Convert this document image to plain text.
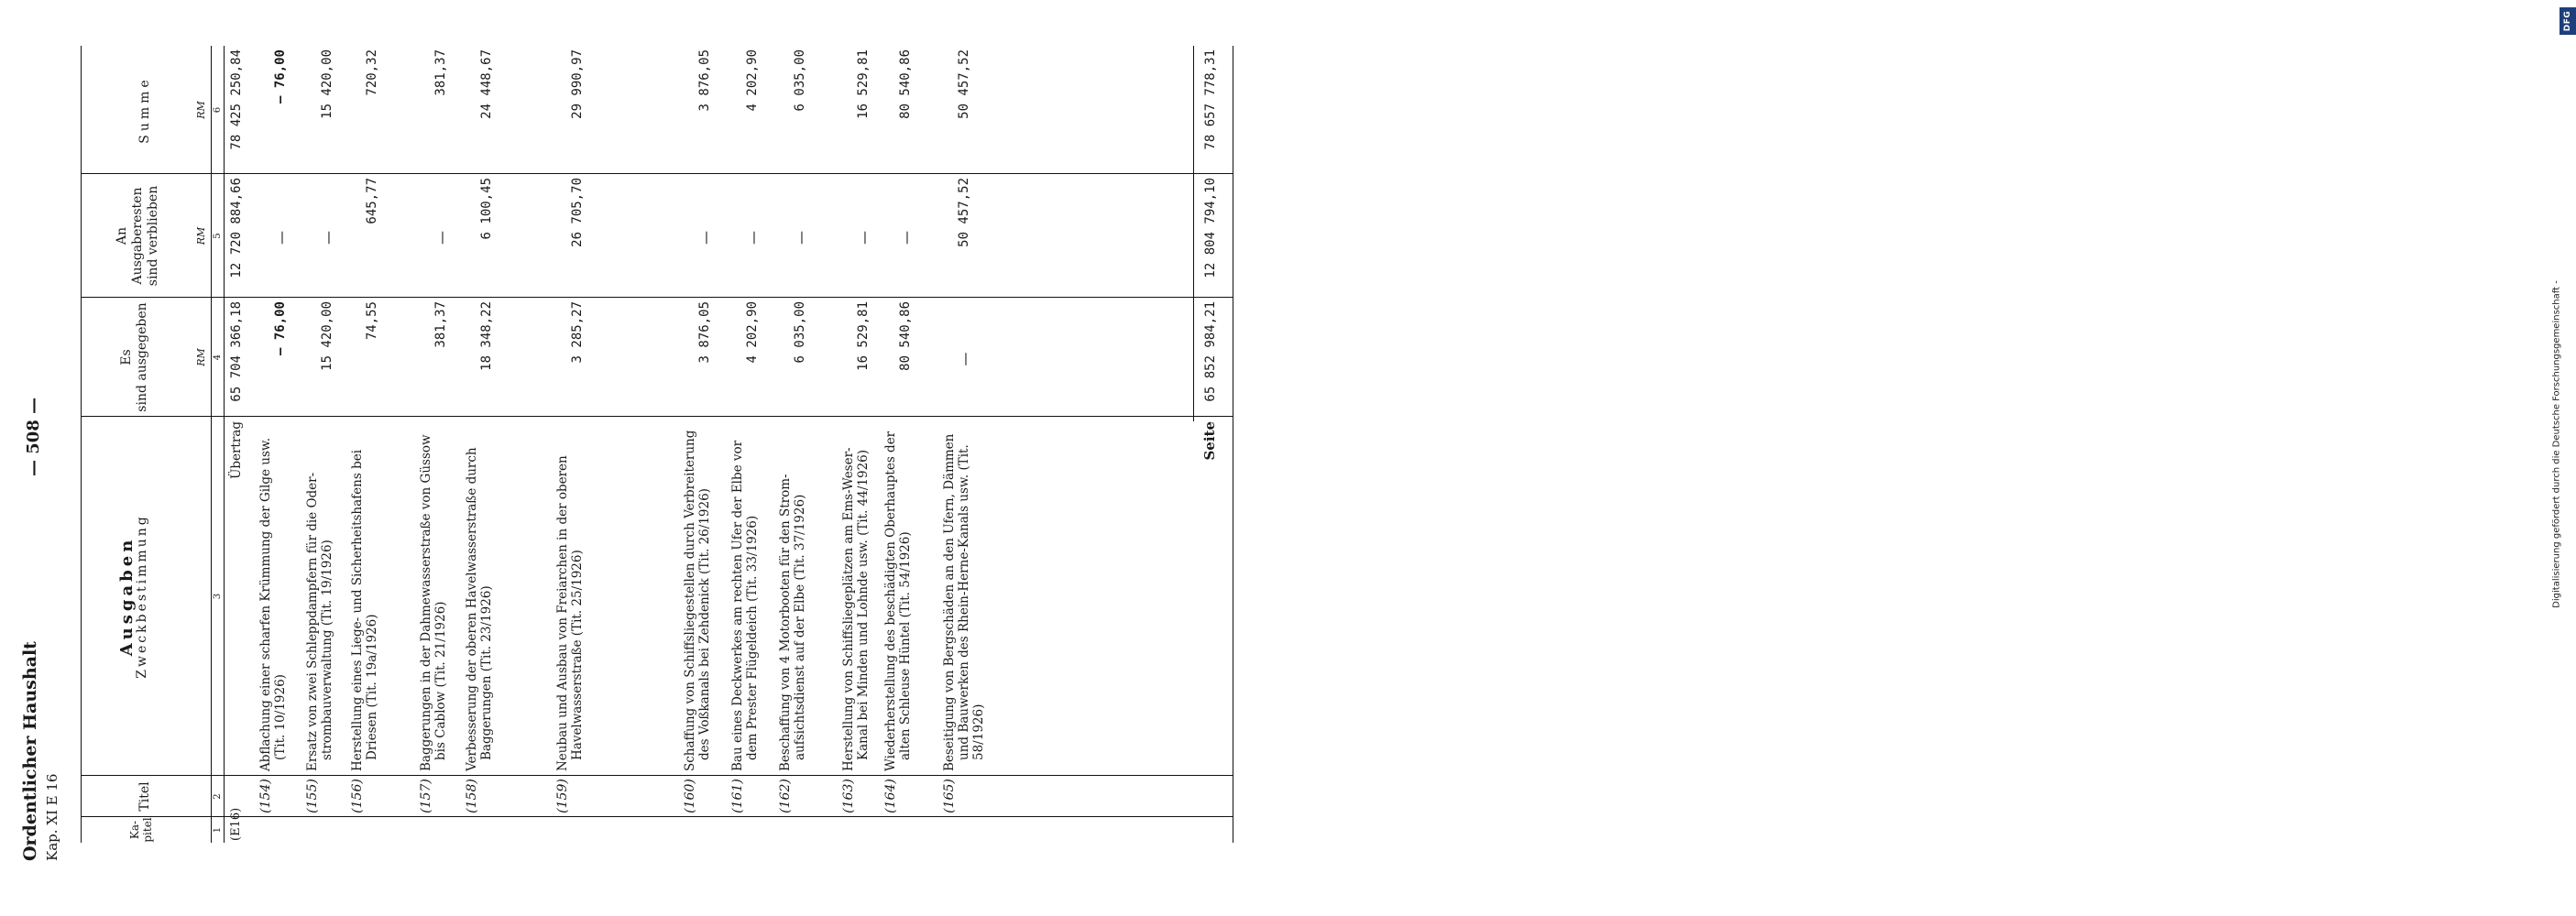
DFG
Digitalisierung gefördert durch die Deutsche Forschungsgemeinschaft -
Ordentlicher Haushalt Kap. XI E 16
— 508 —
Ka- pitel
Titel
Ausgaben
Zweckbestimmung
Es sind ausgegeben
An Ausgaberesten sind verblieben
Summe
RM
RM
RM
1
2
3
4
5
6
(E16)
Übertrag
65 704 366,18
12 720 884,66
78 425 250,84
(154)
Abflachung einer scharfen Krümmung der Gilge usw. (Tit. 10/1926)
— 76,00
—
— 76,00
(155)
Ersatz von zwei Schleppdampfern für die Oder- strombauverwaltung (Tit. 19/1926)
15 420,00
—
15 420,00
(156)
Herstellung eines Liege- und Sicherheitshafens bei Driesen (Tit. 19a/1926)
74,55
645,77
720,32
(157)
Baggerungen in der Dahmewasserstraße von Güssow bis Cablow (Tit. 21/1926)
381,37
—
381,37
(158)
Verbesserung der oberen Havelwasserstraße durch Baggerungen (Tit. 23/1926)
18 348,22
6 100,45
24 448,67
(159)
Neubau und Ausbau von Freiarchen in der oberen Havelwasserstraße (Tit. 25/1926)
3 285,27
26 705,70
29 990,97
(160)
Schaffung von Schiffsliegestellen durch Verbreiterung des Voßkanals bei Zehdenick (Tit. 26/1926)
3 876,05
—
3 876,05
(161)
Bau eines Deckwerkes am rechten Ufer der Elbe vor dem Prester Flügeldeich (Tit. 33/1926)
4 202,90
—
4 202,90
(162)
Beschaffung von 4 Motorbooten für den Strom- aufsichtsdienst auf der Elbe (Tit. 37/1926)
6 035,00
—
6 035,00
(163)
Herstellung von Schiffsliegeplätzen am Ems-Weser- Kanal bei Minden und Lohnde usw. (Tit. 44/1926)
16 529,81
—
16 529,81
(164)
Wiederherstellung des beschädigten Oberhauptes der alten Schleuse Hüntel (Tit. 54/1926)
80 540,86
—
80 540,86
(165)
Beseitigung von Bergschäden an den Ufern, Dämmen und Bauwerken des Rhein-Herne-Kanals usw. (Tit. 58/1926)
—
50 457,52
50 457,52
Seite
65 852 984,21
12 804 794,10
78 657 778,31
